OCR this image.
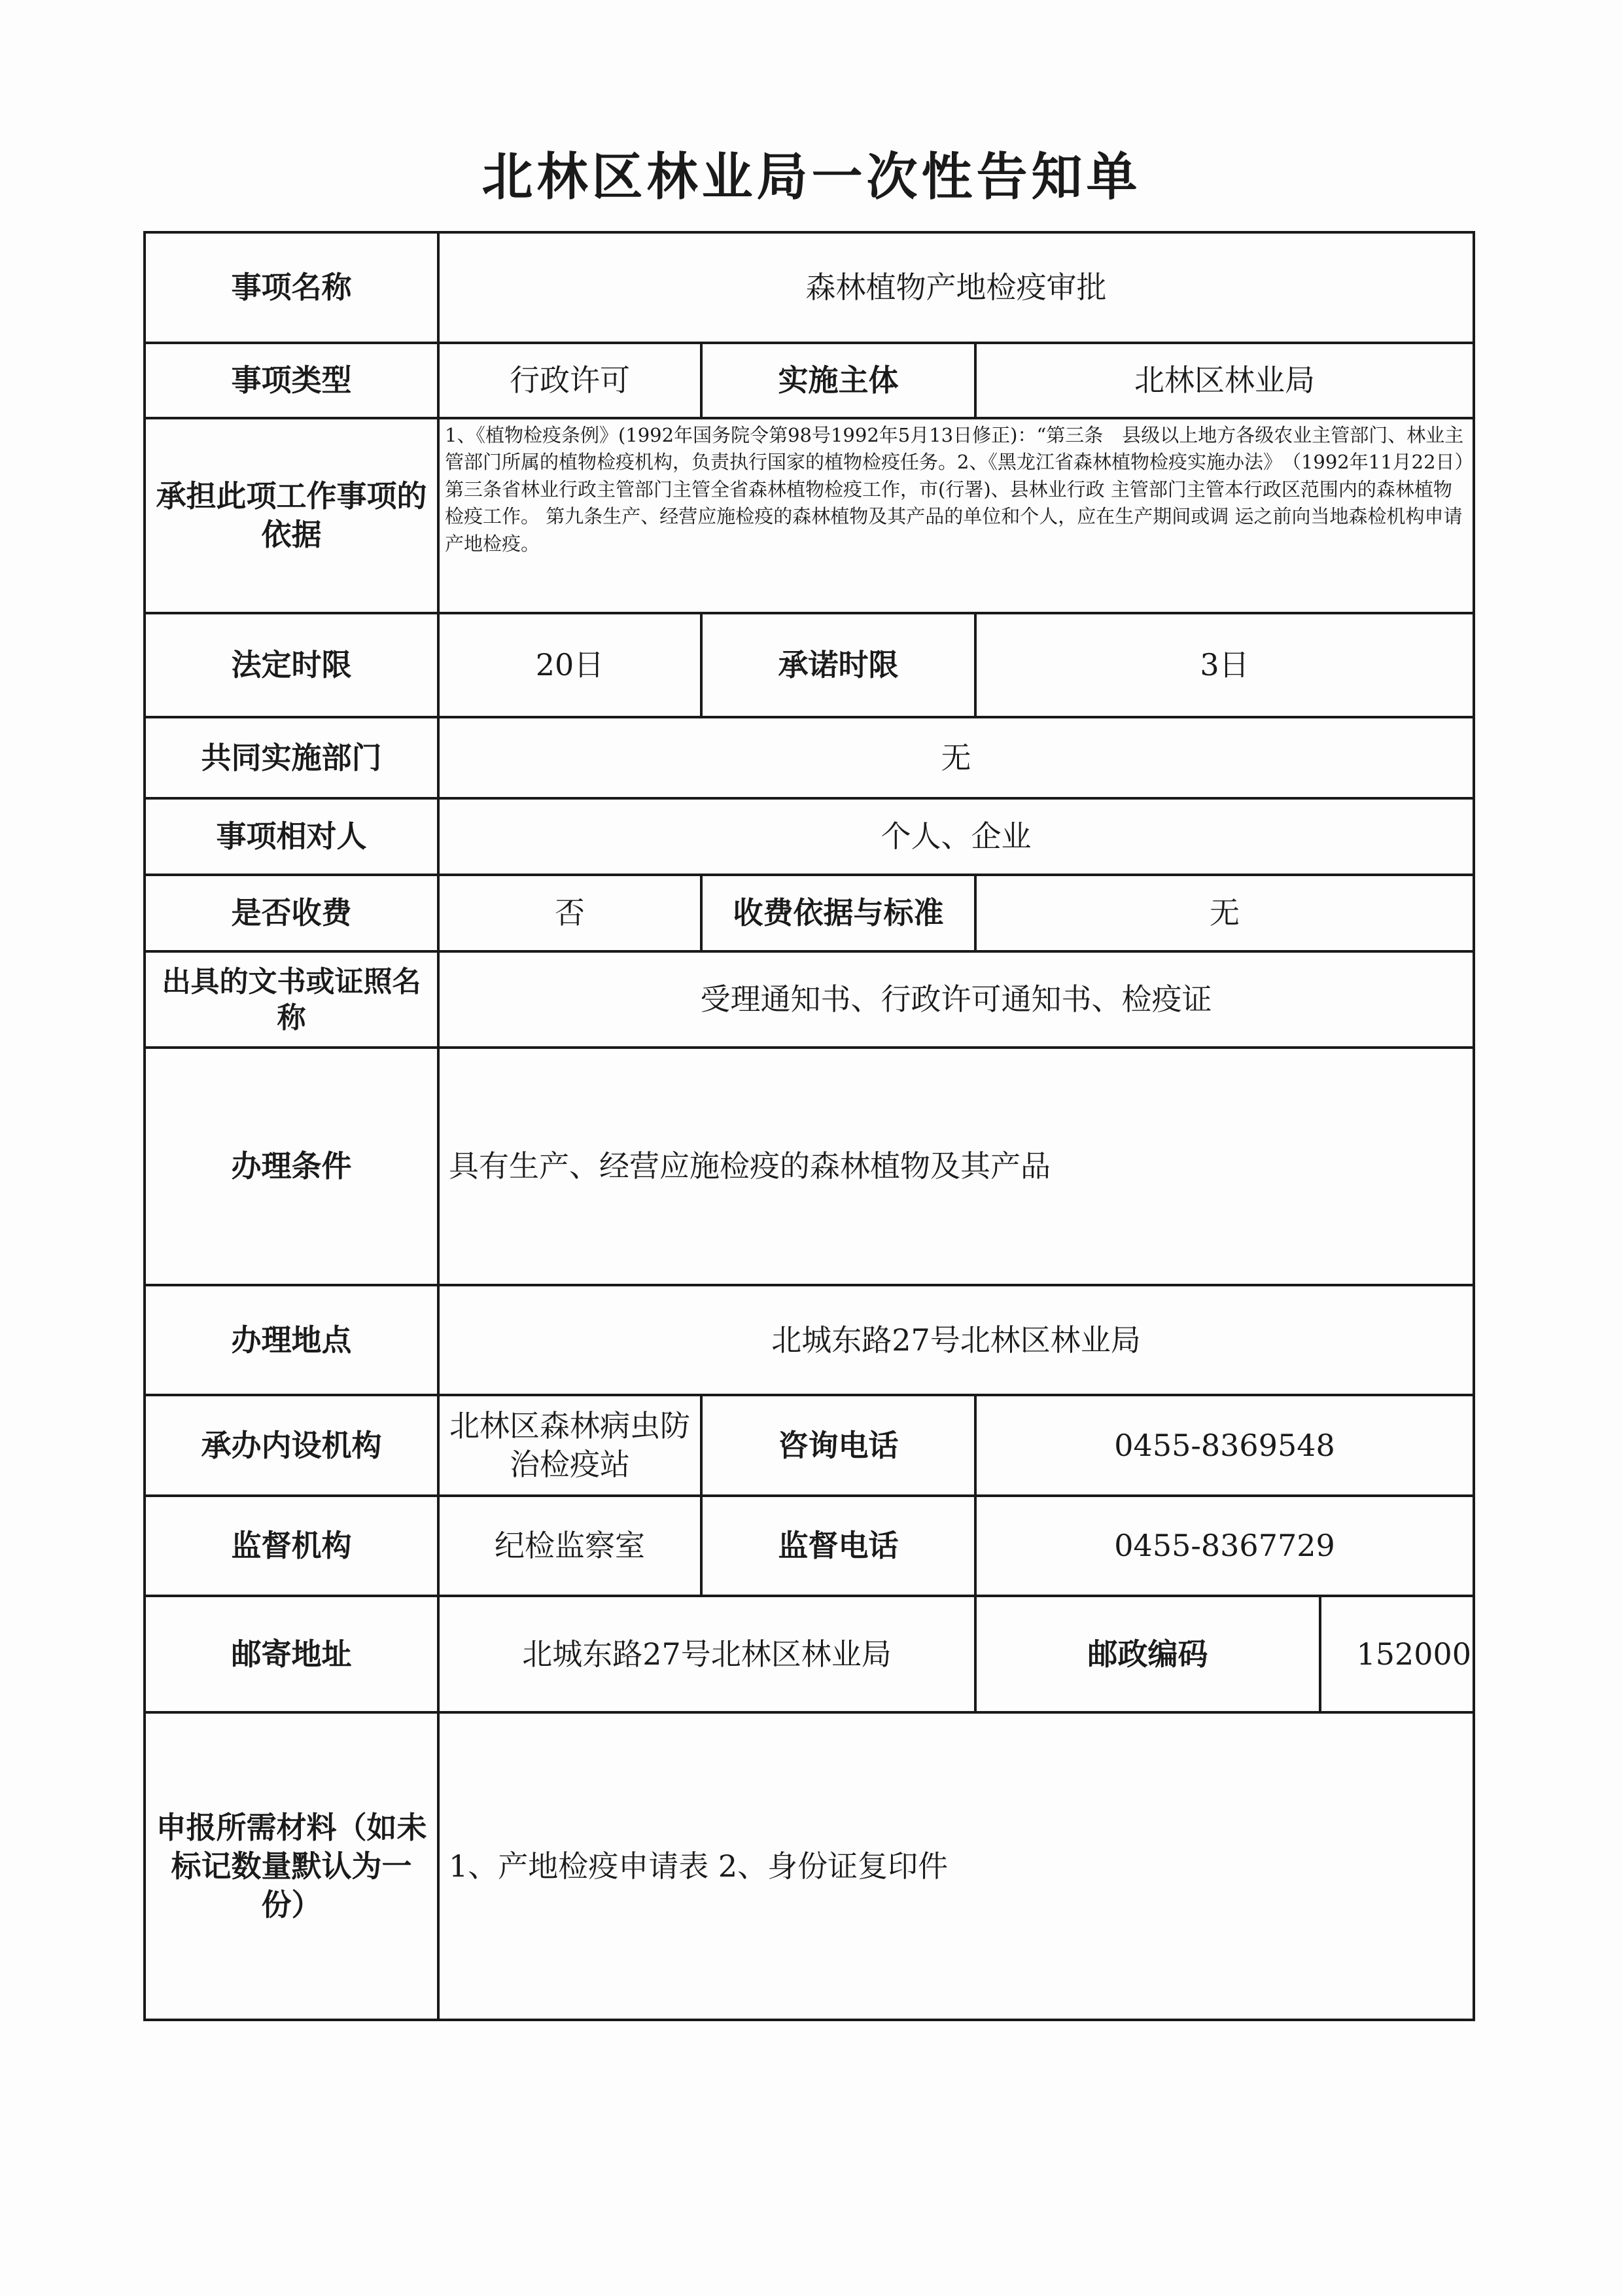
北林区林业局一次性告知单
事项名称	森林植物产地检疫审批			
事项类型	行政许可	实施主体	北林区林业局	
承担此项工作事项的依据	1、《植物检疫条例》(1992年国务院令第98号1992年5月13日修正)：“第三条　县级以上地方各级农业主管部门、林业主管部门所属的植物检疫机构，负责执行国家的植物检疫任务。2、《黑龙江省森林植物检疫实施办法》　（1992年11月22日）　第三条省林业行政主管部门主管全省森林植物检疫工作，市(行署)、县林业行政 主管部门主管本行政区范围内的森林植物检疫工作。 第九条生产、经营应施检疫的森林植物及其产品的单位和个人，应在生产期间或调 运之前向当地森检机构申请产地检疫。			
法定时限	20日	承诺时限	3日	
共同实施部门	无			
事项相对人	个人、企业			
是否收费	否	收费依据与标准	无	
出具的文书或证照名称	受理通知书、行政许可通知书、检疫证			
办理条件	具有生产、经营应施检疫的森林植物及其产品			
办理地点	北城东路27号北林区林业局			
承办内设机构	北林区森林病虫防治检疫站	咨询电话	0455-8369548	
监督机构	纪检监察室	监督电话	0455-8367729	
邮寄地址	北城东路27号北林区林业局		邮政编码	152000
申报所需材料（如未标记数量默认为一份）	1、产地检疫申请表 2、身份证复印件			
